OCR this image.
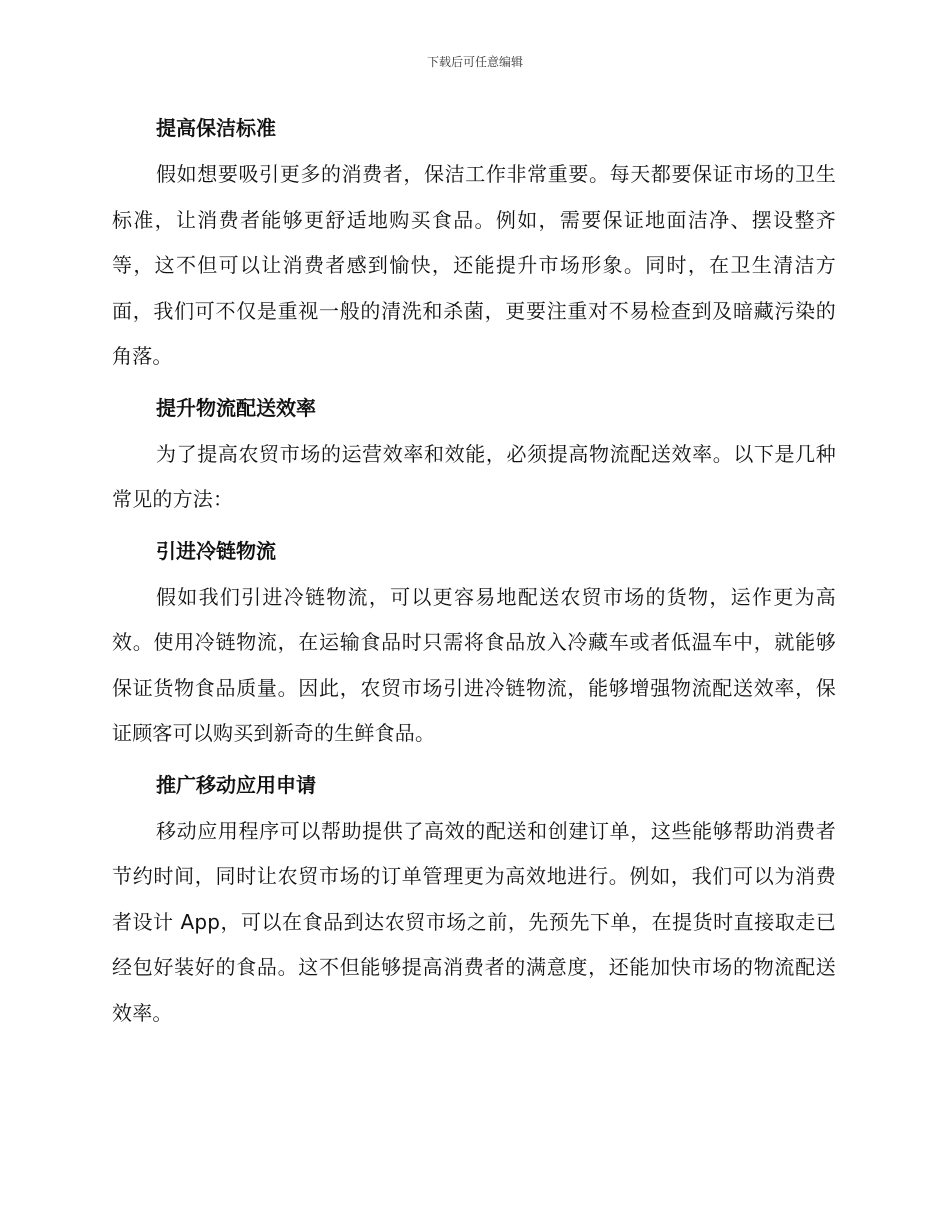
下载后可任意编辑
提高保洁标准

假如想要吸引更多的消费者，保洁工作非常重要。每天都要保证市场的卫生标准，让消费者能够更舒适地购买食品。例如，需要保证地面洁净、摆设整齐等，这不但可以让消费者感到愉快，还能提升市场形象。同时，在卫生清洁方面，我们可不仅是重视一般的清洗和杀菌，更要注重对不易检查到及暗藏污染的角落。

提升物流配送效率

为了提高农贸市场的运营效率和效能，必须提高物流配送效率。以下是几种常见的方法：

引进冷链物流

假如我们引进冷链物流，可以更容易地配送农贸市场的货物，运作更为高效。使用冷链物流，在运输食品时只需将食品放入冷藏车或者低温车中，就能够保证货物食品质量。因此，农贸市场引进冷链物流，能够增强物流配送效率，保证顾客可以购买到新奇的生鲜食品。

推广移动应用申请

移动应用程序可以帮助提供了高效的配送和创建订单，这些能够帮助消费者节约时间，同时让农贸市场的订单管理更为高效地进行。例如，我们可以为消费者设计 App，可以在食品到达农贸市场之前，先预先下单，在提货时直接取走已经包好装好的食品。这不但能够提高消费者的满意度，还能加快市场的物流配送效率。
